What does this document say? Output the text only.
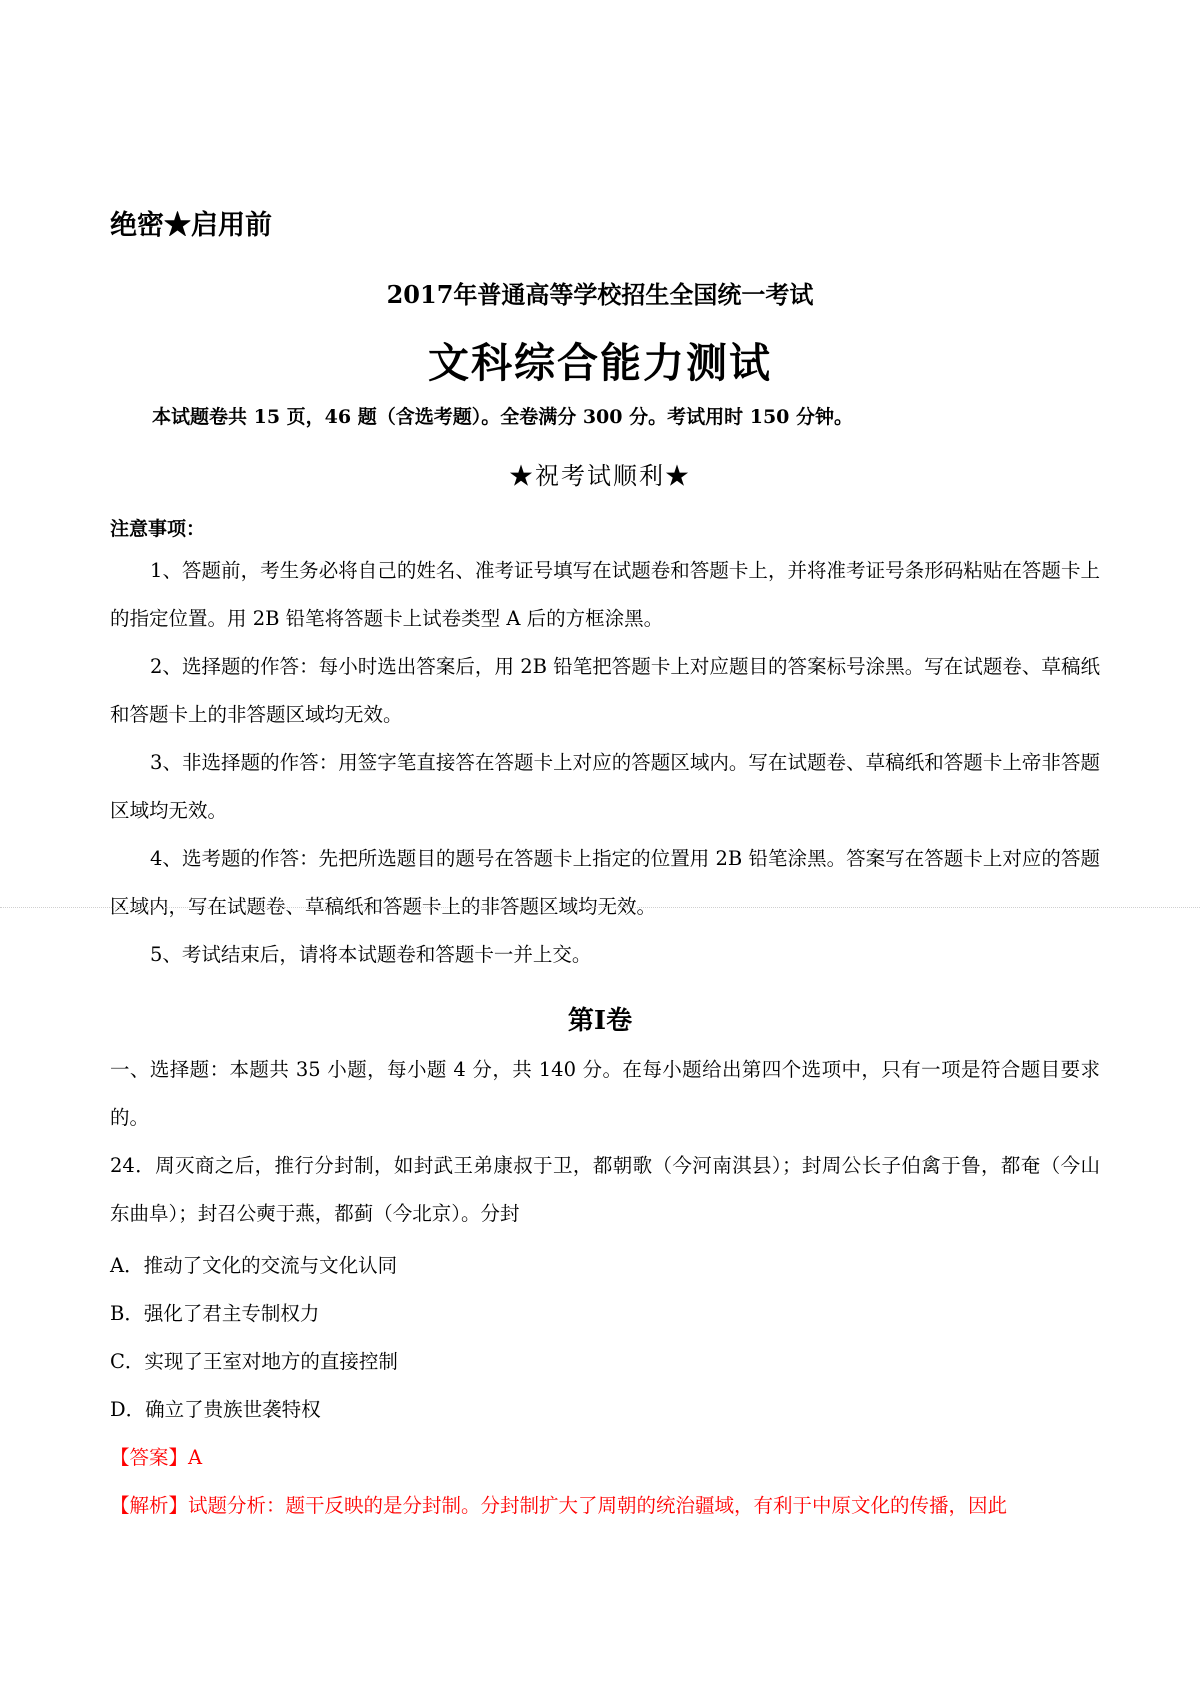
绝密★启用前
2017年普通高等学校招生全国统一考试
文科综合能力测试
本试题卷共 15 页，46 题（含选考题）。全卷满分 300 分。考试用时 150 分钟。
★祝考试顺利★
注意事项：
1、答题前，考生务必将自己的姓名、准考证号填写在试题卷和答题卡上，并将准考证号条形码粘贴在答题卡上的指定位置。用 2B 铅笔将答题卡上试卷类型 A 后的方框涂黑。
2、选择题的作答：每小时选出答案后，用 2B 铅笔把答题卡上对应题目的答案标号涂黑。写在试题卷、草稿纸和答题卡上的非答题区域均无效。
3、非选择题的作答：用签字笔直接答在答题卡上对应的答题区域内。写在试题卷、草稿纸和答题卡上帝非答题区域均无效。
4、选考题的作答：先把所选题目的题号在答题卡上指定的位置用 2B 铅笔涂黑。答案写在答题卡上对应的答题区域内，写在试题卷、草稿纸和答题卡上的非答题区域均无效。
5、考试结束后，请将本试题卷和答题卡一并上交。
第Ⅰ卷
一、选择题：本题共 35 小题，每小题 4 分，共 140 分。在每小题给出第四个选项中，只有一项是符合题目要求的。
24．周灭商之后，推行分封制，如封武王弟康叔于卫，都朝歌（今河南淇县）；封周公长子伯禽于鲁，都奄（今山东曲阜）；封召公奭于燕，都蓟（今北京）。分封
A．推动了文化的交流与文化认同
B．强化了君主专制权力
C．实现了王室对地方的直接控制
D．确立了贵族世袭特权
【答案】A
【解析】试题分析：题干反映的是分封制。分封制扩大了周朝的统治疆域，有利于中原文化的传播，因此
